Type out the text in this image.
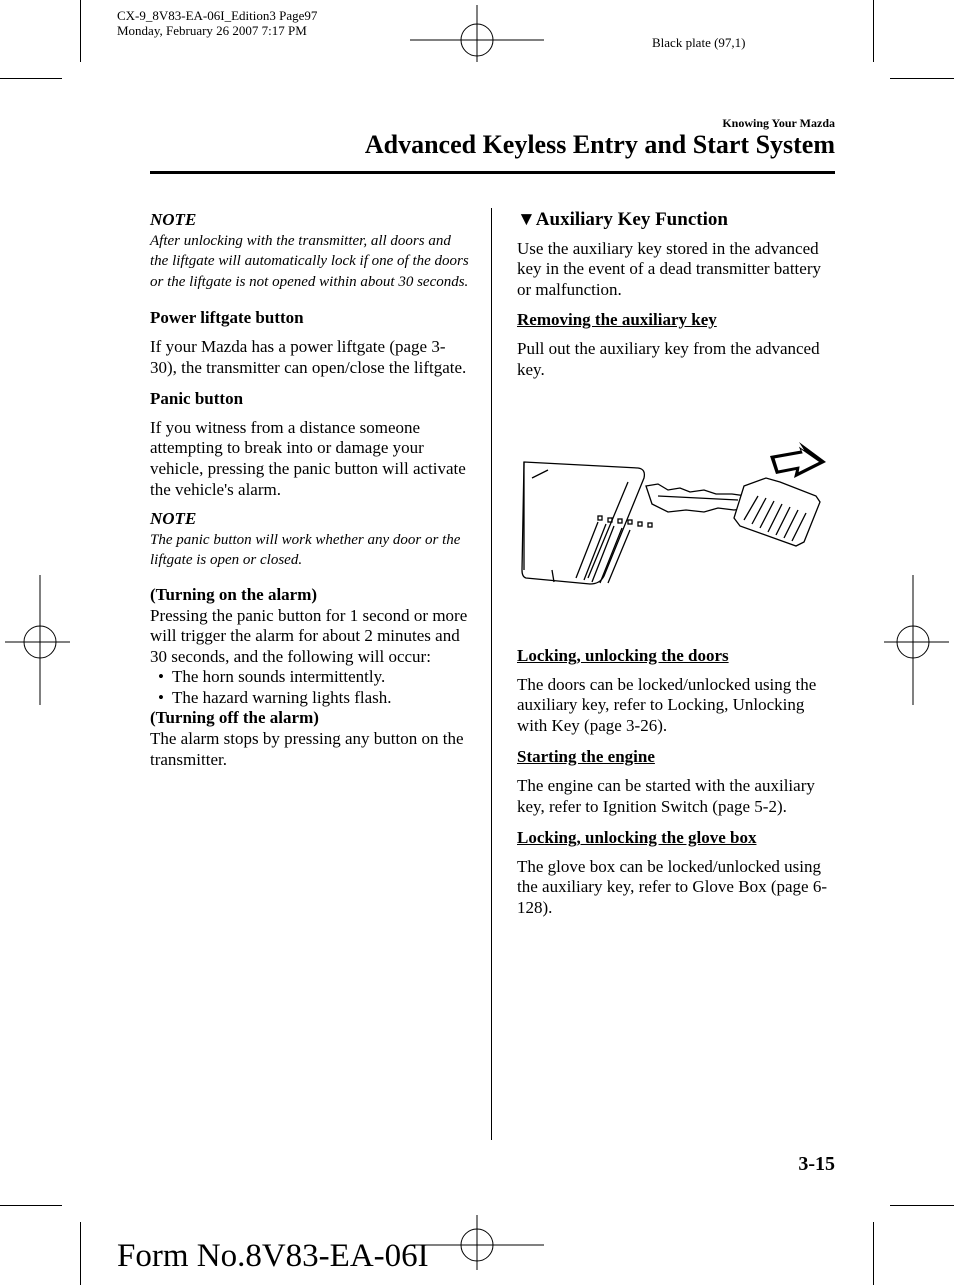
CX-9_8V83-EA-06I_Edition3 Page97
Monday, February 26 2007 7:17 PM
Black plate (97,1)
Knowing Your Mazda
Advanced Keyless Entry and Start System

NOTE

After unlocking with the transmitter, all doors and the liftgate will automatically lock if one of the doors or the liftgate is not opened within about 30 seconds.

Power liftgate button

If your Mazda has a power liftgate (page 3-30), the transmitter can open/close the liftgate.

Panic button

If you witness from a distance someone attempting to break into or damage your vehicle, pressing the panic button will activate the vehicle's alarm.

NOTE

The panic button will work whether any door or the liftgate is open or closed.

(Turning on the alarm)

Pressing the panic button for 1 second or more will trigger the alarm for about 2 minutes and 30 seconds, and the following will occur:

• The horn sounds intermittently.
• The hazard warning lights flash.

(Turning off the alarm)

The alarm stops by pressing any button on the transmitter.

▼Auxiliary Key Function

Use the auxiliary key stored in the advanced key in the event of a dead transmitter battery or malfunction.

Removing the auxiliary key

Pull out the auxiliary key from the advanced key.

Locking, unlocking the doors

The doors can be locked/unlocked using the auxiliary key, refer to Locking, Unlocking with Key (page 3-26).

Starting the engine

The engine can be started with the auxiliary key, refer to Ignition Switch (page 5-2).

Locking, unlocking the glove box

The glove box can be locked/unlocked using the auxiliary key, refer to Glove Box (page 6-128).

3-15
Form No.8V83-EA-06I
